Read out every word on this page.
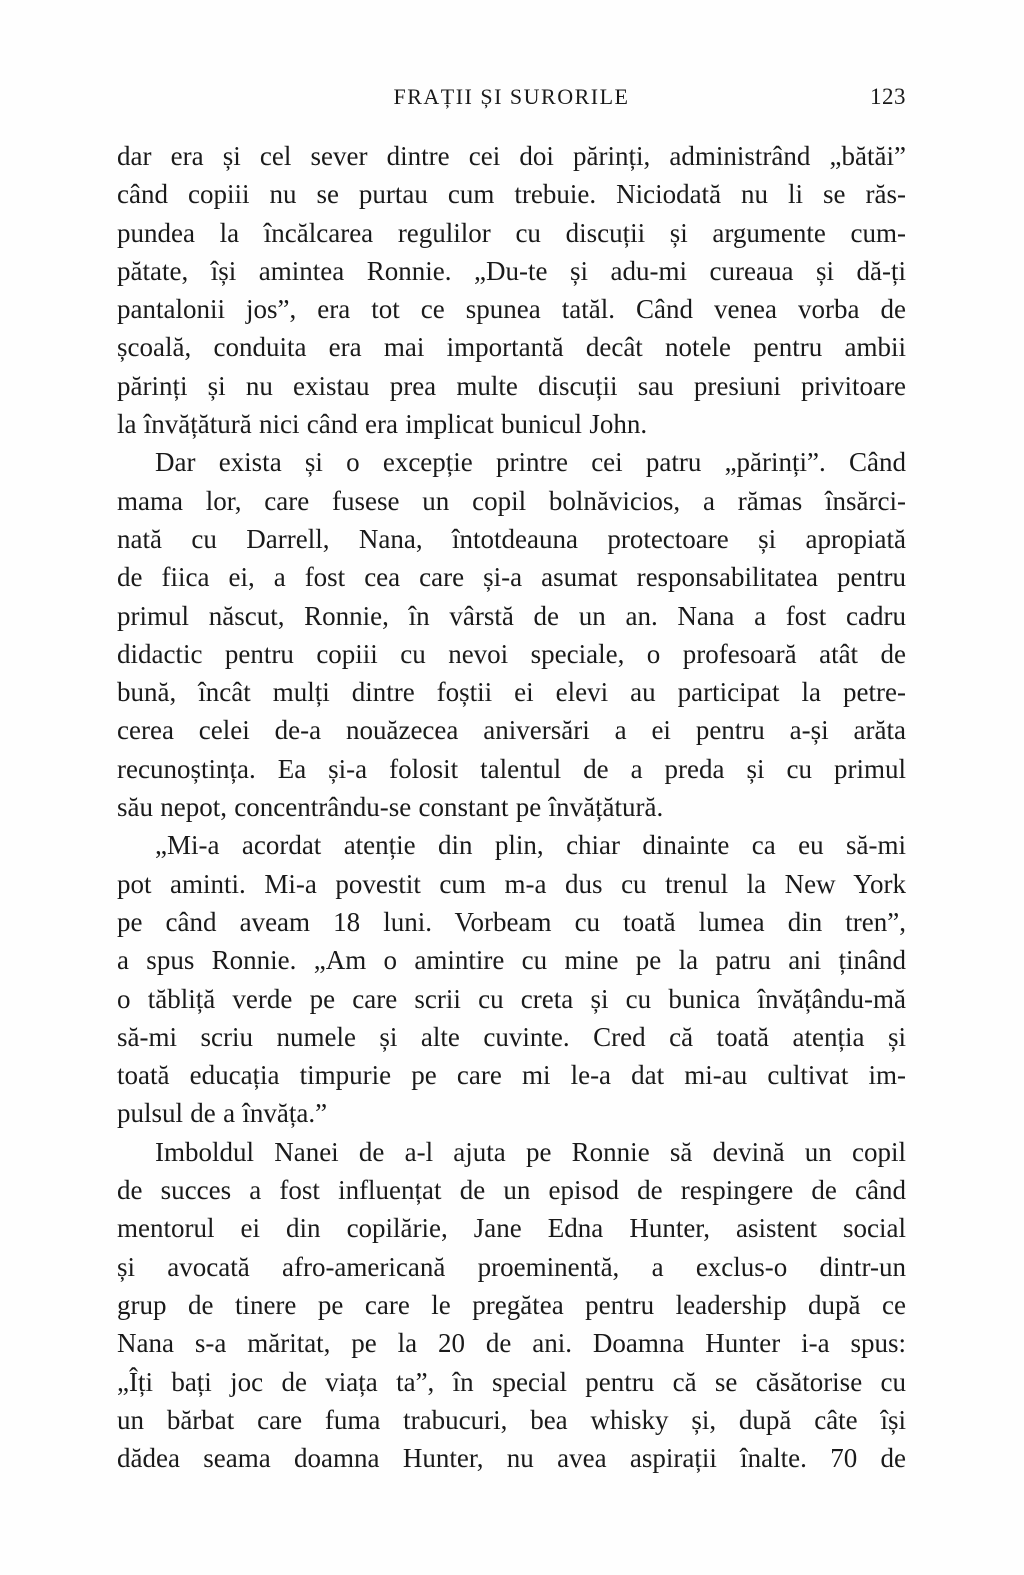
FRAȚII ȘI SURORILE	123
dar era și cel sever dintre cei doi părinți, administrând „bătăi”
când copiii nu se purtau cum trebuie. Niciodată nu li se răs-
pundea la încălcarea regulilor cu discuții și argumente cum-
pătate, își amintea Ronnie. „Du-te și adu-mi cureaua și dă-ți
pantalonii jos”, era tot ce spunea tatăl. Când venea vorba de
școală, conduita era mai importantă decât notele pentru ambii
părinți și nu existau prea multe discuții sau presiuni privitoare
la învățătură nici când era implicat bunicul John.
Dar exista și o excepție printre cei patru „părinți”. Când
mama lor, care fusese un copil bolnăvicios, a rămas însărci-
nată cu Darrell, Nana, întotdeauna protectoare și apropiată
de fiica ei, a fost cea care și-a asumat responsabilitatea pentru
primul născut, Ronnie, în vârstă de un an. Nana a fost cadru
didactic pentru copiii cu nevoi speciale, o profesoară atât de
bună, încât mulți dintre foștii ei elevi au participat la petre-
cerea celei de-a nouăzecea aniversări a ei pentru a-și arăta
recunoștința. Ea și-a folosit talentul de a preda și cu primul
său nepot, concentrându-se constant pe învățătură.
„Mi-a acordat atenție din plin, chiar dinainte ca eu să-mi
pot aminti. Mi-a povestit cum m-a dus cu trenul la New York
pe când aveam 18 luni. Vorbeam cu toată lumea din tren”,
a spus Ronnie. „Am o amintire cu mine pe la patru ani ținând
o tăbliță verde pe care scrii cu creta și cu bunica învățându-mă
să-mi scriu numele și alte cuvinte. Cred că toată atenția și
toată educația timpurie pe care mi le-a dat mi-au cultivat im-
pulsul de a învăța.”
Imboldul Nanei de a-l ajuta pe Ronnie să devină un copil
de succes a fost influențat de un episod de respingere de când
mentorul ei din copilărie, Jane Edna Hunter, asistent social
și avocată afro-americană proeminentă, a exclus-o dintr-un
grup de tinere pe care le pregătea pentru leadership după ce
Nana s-a măritat, pe la 20 de ani. Doamna Hunter i-a spus:
„Îți bați joc de viața ta”, în special pentru că se căsătorise cu
un bărbat care fuma trabucuri, bea whisky și, după câte își
dădea seama doamna Hunter, nu avea aspirații înalte. 70 de
